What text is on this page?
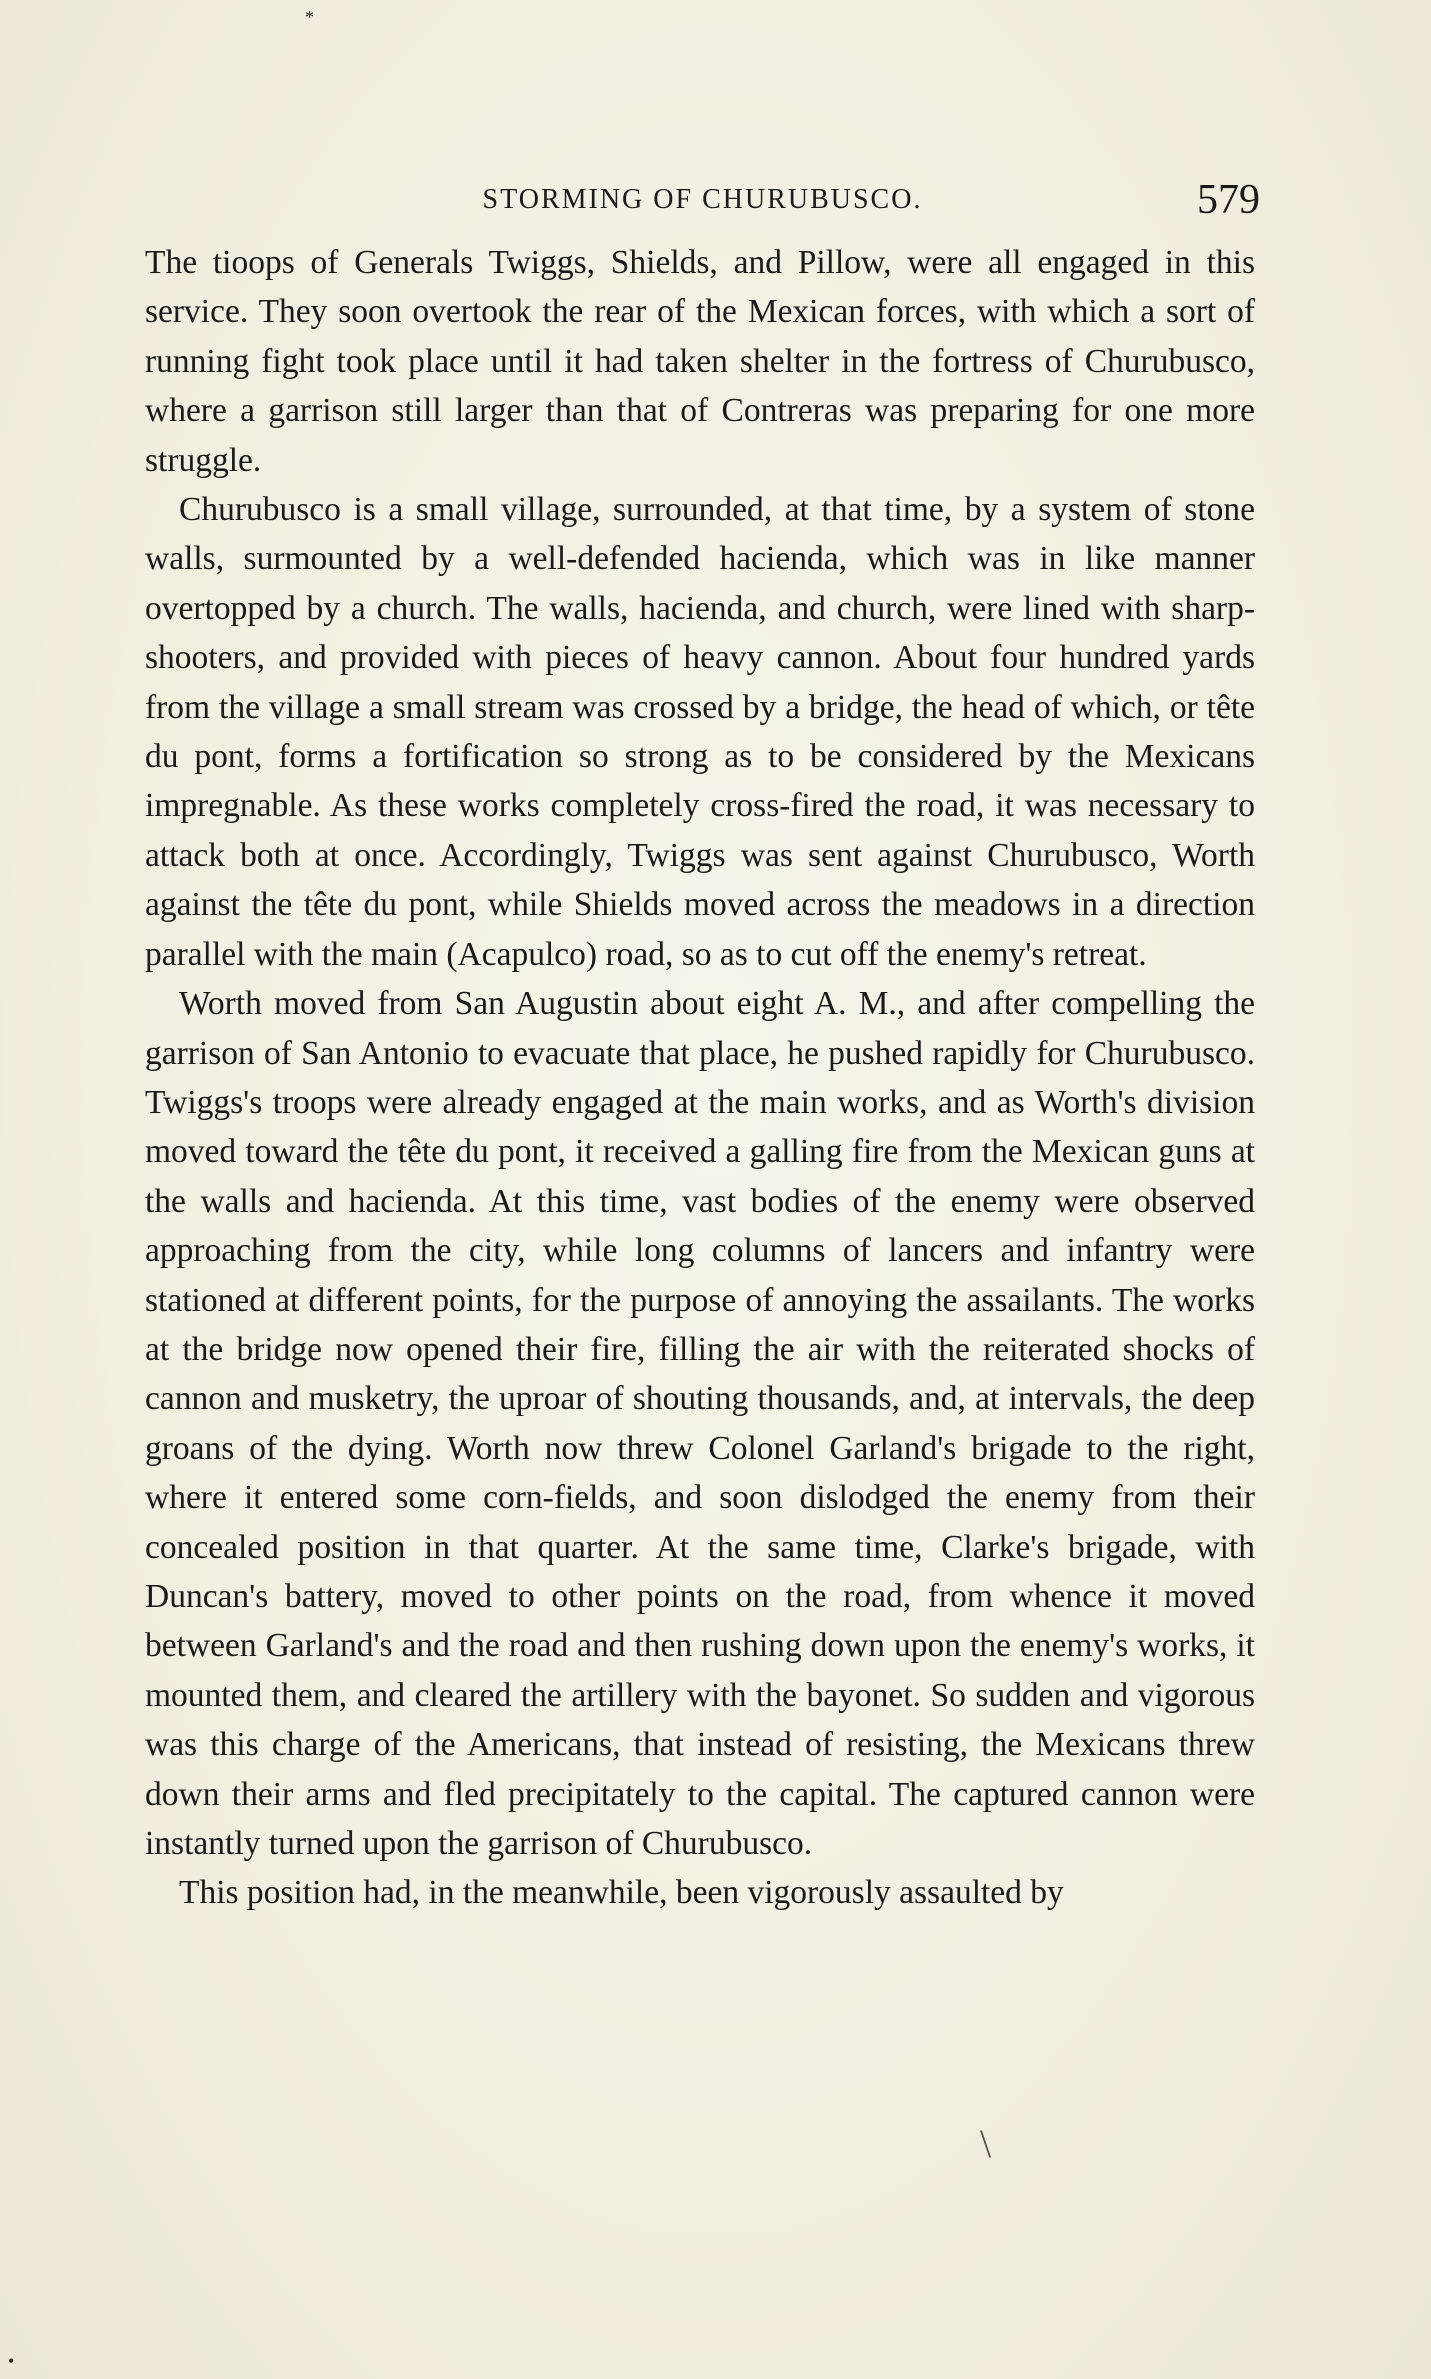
*
•
\
STORMING OF CHURUBUSCO.	579

The tioops of Generals Twiggs, Shields, and Pillow, were all engaged in this service. They soon overtook the rear of the Mexican forces, with which a sort of running fight took place until it had taken shelter in the fortress of Churubusco, where a garrison still larger than that of Contreras was preparing for one more struggle.

Churubusco is a small village, surrounded, at that time, by a system of stone walls, surmounted by a well-defended hacienda, which was in like manner overtopped by a church. The walls, hacienda, and church, were lined with sharp-shooters, and provided with pieces of heavy cannon. About four hundred yards from the village a small stream was crossed by a bridge, the head of which, or tête du pont, forms a fortification so strong as to be considered by the Mexicans impregnable. As these works completely cross-fired the road, it was necessary to attack both at once. Accordingly, Twiggs was sent against Churubusco, Worth against the tête du pont, while Shields moved across the meadows in a direction parallel with the main (Acapulco) road, so as to cut off the enemy's retreat.

Worth moved from San Augustin about eight A. M., and after compelling the garrison of San Antonio to evacuate that place, he pushed rapidly for Churubusco. Twiggs's troops were already engaged at the main works, and as Worth's division moved toward the tête du pont, it received a galling fire from the Mexican guns at the walls and hacienda. At this time, vast bodies of the enemy were observed approaching from the city, while long columns of lancers and infantry were stationed at different points, for the purpose of annoying the assailants. The works at the bridge now opened their fire, filling the air with the reiterated shocks of cannon and musketry, the uproar of shouting thousands, and, at intervals, the deep groans of the dying. Worth now threw Colonel Garland's brigade to the right, where it entered some corn-fields, and soon dislodged the enemy from their concealed position in that quarter. At the same time, Clarke's brigade, with Duncan's battery, moved to other points on the road, from whence it moved between Garland's and the road and then rushing down upon the enemy's works, it mounted them, and cleared the artillery with the bayonet. So sudden and vigorous was this charge of the Americans, that instead of resisting, the Mexicans threw down their arms and fled precipitately to the capital. The captured cannon were instantly turned upon the garrison of Churubusco.

This position had, in the meanwhile, been vigorously assaulted by
